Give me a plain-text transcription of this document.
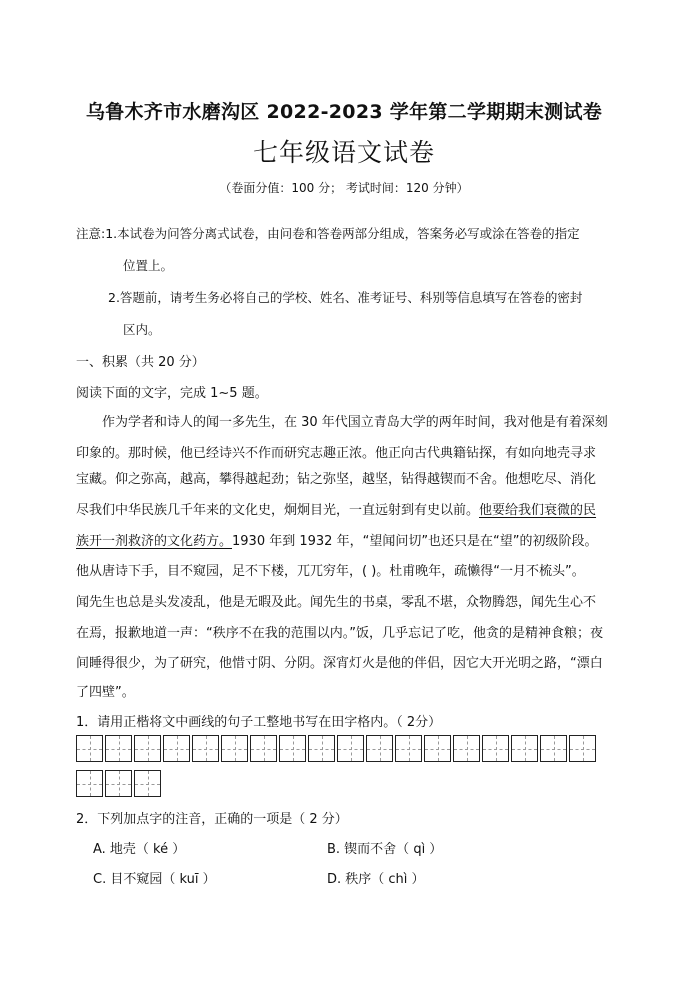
乌鲁木齐市水磨沟区 2022-2023 学年第二学期期末测试卷
七年级语文试卷
（卷面分值：100 分； 考试时间：120 分钟）
注意:1.本试卷为问答分离式试卷，由问卷和答卷两部分组成，答案务必写或涂在答卷的指定
位置上。
2.答题前，请考生务必将自己的学校、姓名、准考证号、科别等信息填写在答卷的密封
区内。
一、积累（共 20 分）
阅读下面的文字，完成 1~5 题。
作为学者和诗人的闻一多先生，在 30 年代国立青岛大学的两年时间，我对他是有着深刻
印象的。那时候，他已经诗兴不作而研究志趣正浓。他正向古代典籍钻探，有如向地壳寻求
宝藏。仰之弥高，越高，攀得越起劲；钻之弥坚，越坚，钻得越锲而不舍。他想吃尽、消化
尽我们中华民族几千年来的文化史，炯炯目光，一直远射到有史以前。他要给我们衰微的民
族开一剂救济的文化药方。1930 年到 1932 年，“望闻问切”也还只是在“望”的初级阶段。
他从唐诗下手，目不窥园，足不下楼，兀兀穷年，( )。杜甫晚年，疏懒得“一月不梳头”。
闻先生也总是头发凌乱，他是无暇及此。闻先生的书桌，零乱不堪，众物腾怨，闻先生心不
在焉，报歉地道一声：“秩序不在我的范围以内。”饭，几乎忘记了吃，他贪的是精神食粮；夜
间睡得很少，为了研究，他惜寸阴、分阴。深宵灯火是他的伴侣，因它大开光明之路，“漂白
了四壁”。
1．请用正楷将文中画线的句子工整地书写在田字格内。（ 2分）
2．下列加点字的注音，正确的一项是（ 2 分）
A. 地壳（ ké ）	B. 锲而不舍（ qì ）
C. 目不窥园（ kuī ）	D. 秩序（ chì ）
